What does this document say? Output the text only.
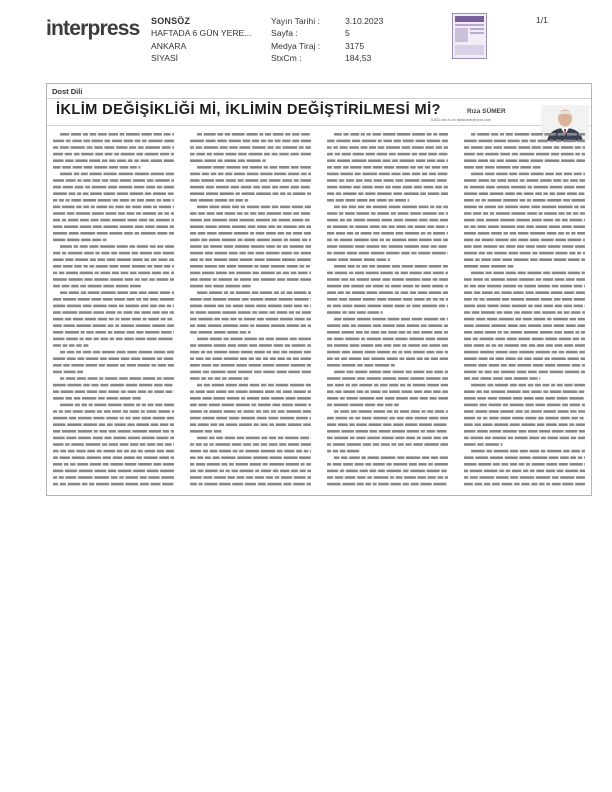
interpress	SONSÖZ
HAFTADA 6 GÜN YERE...
ANKARA
SİYASİ
Yayın Tarihi :	3.10.2023
Sayfa :	5
Medya Tiraj :	3175
StxCm :	184,53
1/1
Dost Dili
İKLİM DEĞİŞİKLİĞİ Mİ, İKLİMİN DEĞİŞTİRİLMESİ Mİ?	Rıza SÜMER
0.532.xxx.xx.xx rizasumer@xxxx.com
